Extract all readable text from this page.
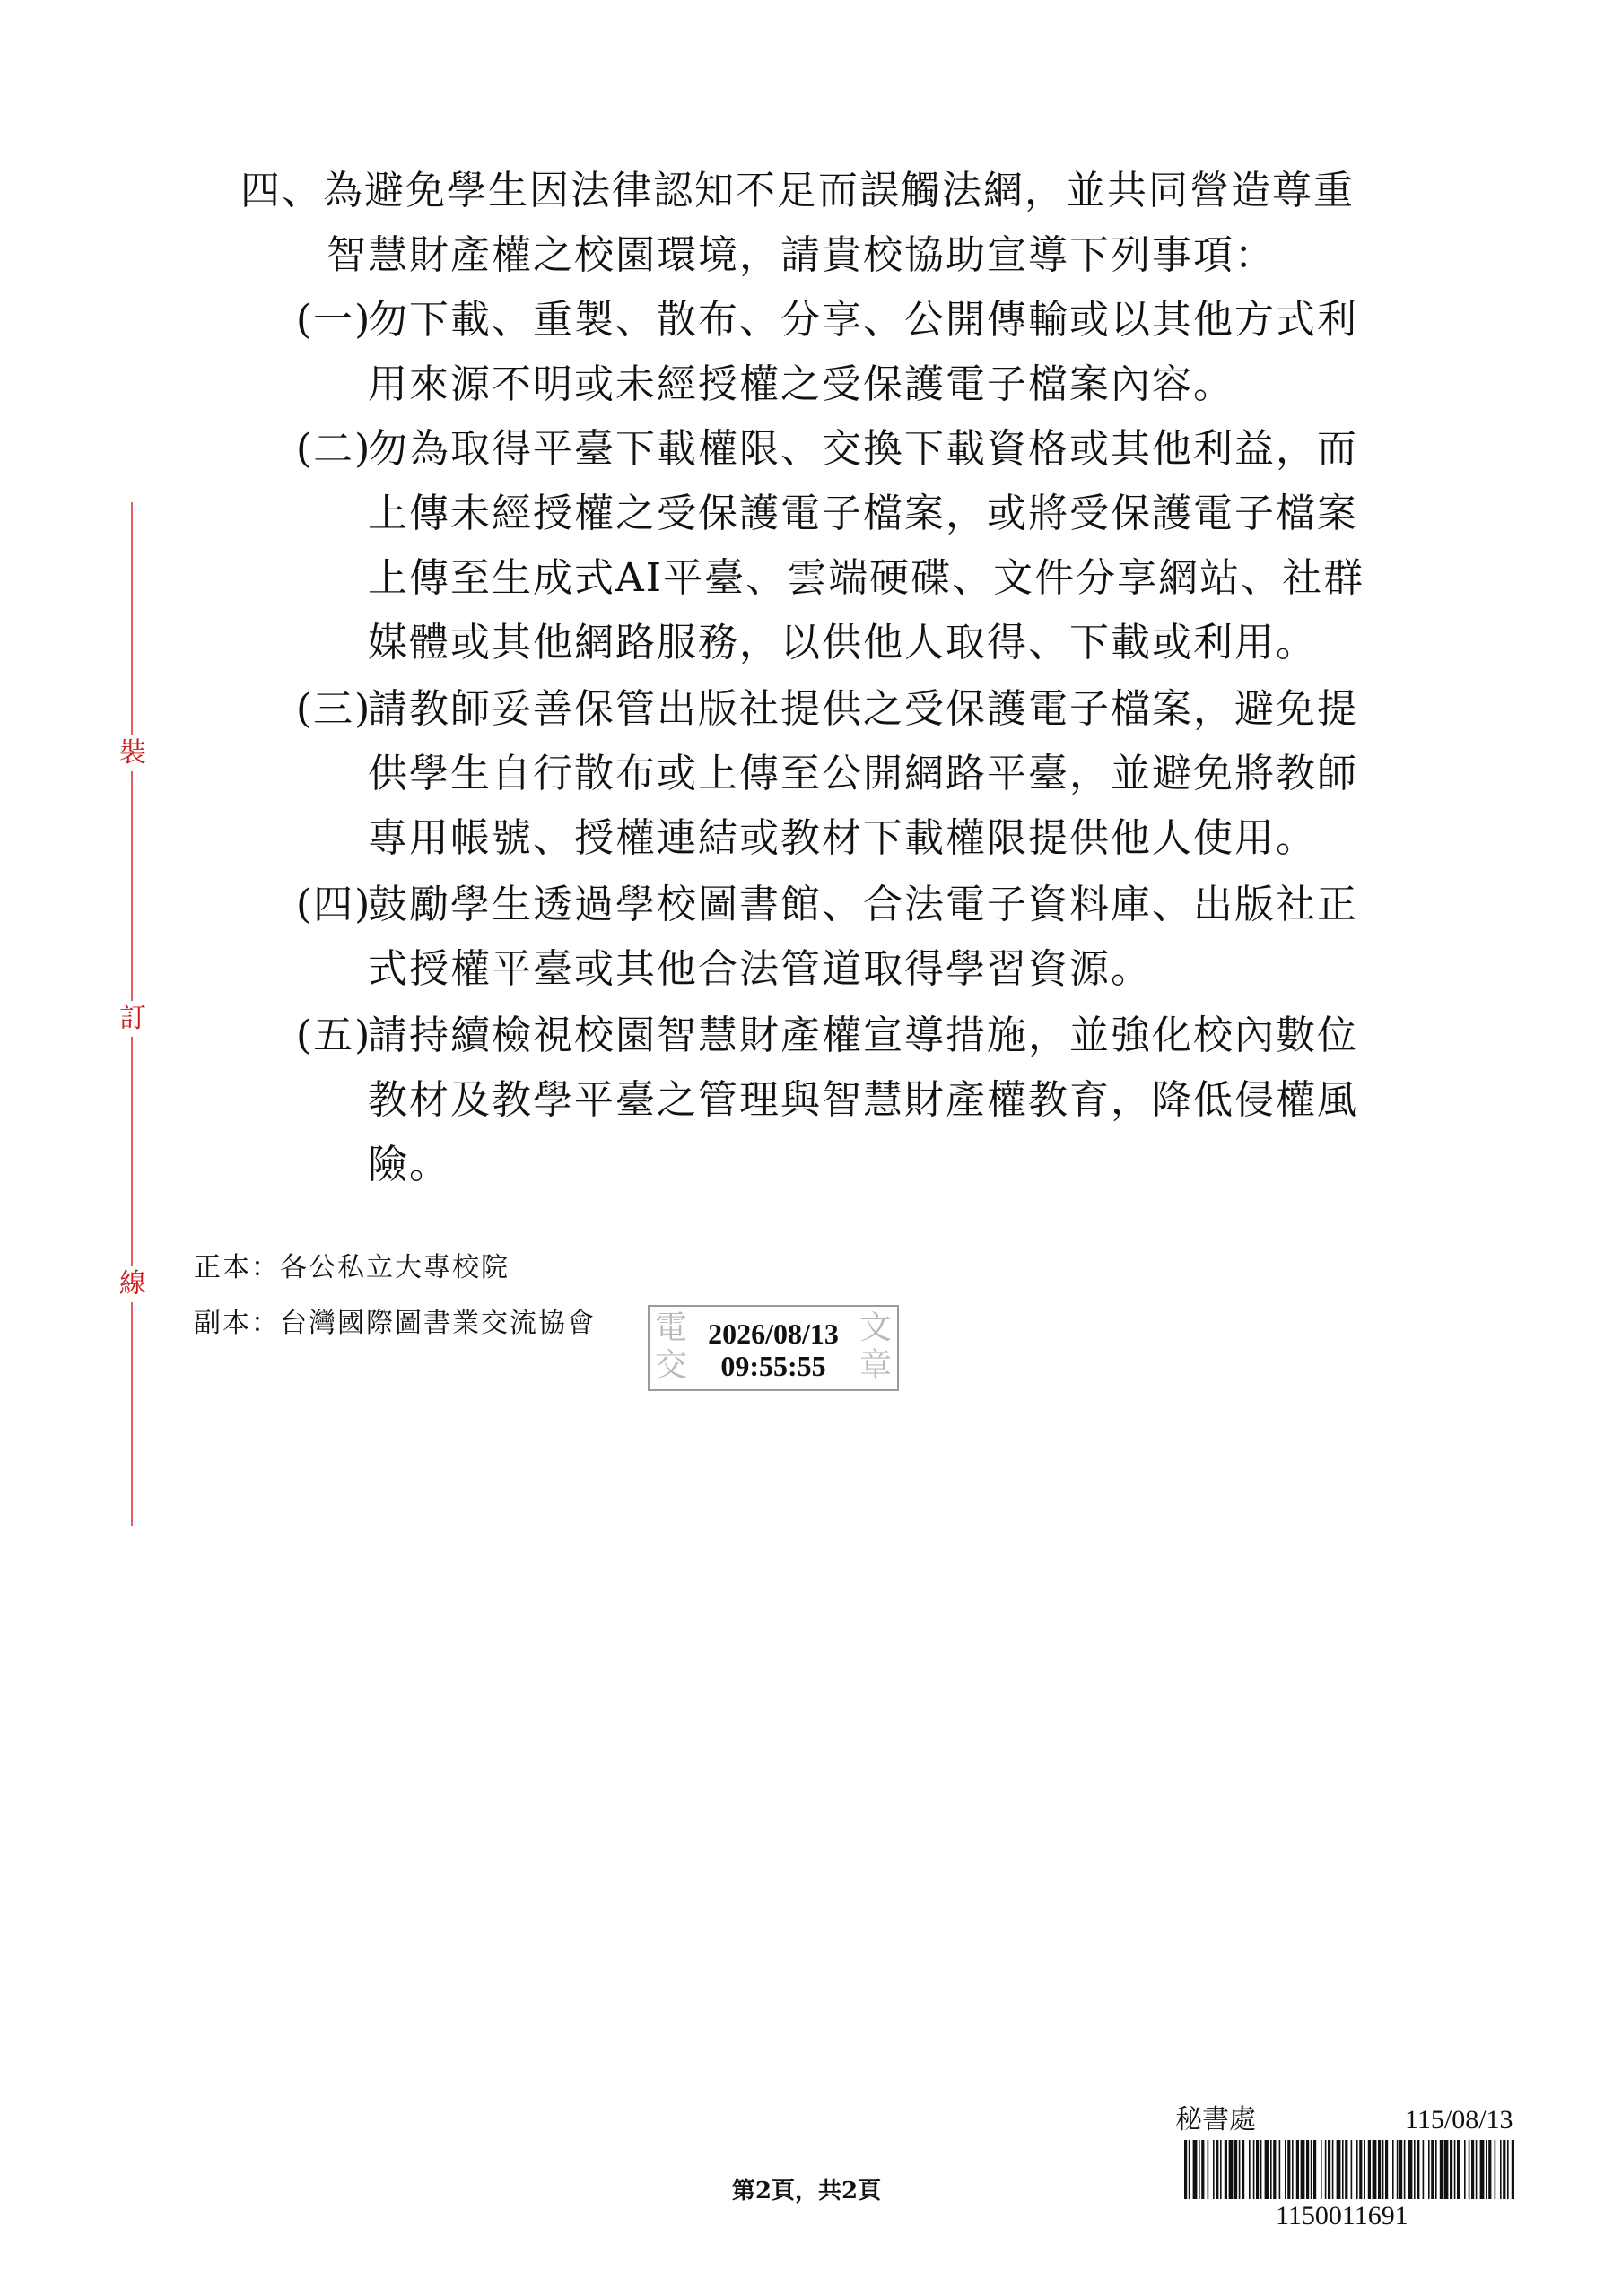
裝
訂
線
四、為避免學生因法律認知不足而誤觸法網，並共同營造尊重
智慧財產權之校園環境，請貴校協助宣導下列事項：
(一)
勿下載、重製、散布、分享、公開傳輸或以其他方式利
用來源不明或未經授權之受保護電子檔案內容。
(二)
勿為取得平臺下載權限、交換下載資格或其他利益，而
上傳未經授權之受保護電子檔案，或將受保護電子檔案
上傳至生成式AI平臺、雲端硬碟、文件分享網站、社群
媒體或其他網路服務，以供他人取得、下載或利用。
(三)
請教師妥善保管出版社提供之受保護電子檔案，避免提
供學生自行散布或上傳至公開網路平臺，並避免將教師
專用帳號、授權連結或教材下載權限提供他人使用。
(四)
鼓勵學生透過學校圖書館、合法電子資料庫、出版社正
式授權平臺或其他合法管道取得學習資源。
(五)
請持續檢視校園智慧財產權宣導措施，並強化校內數位
教材及教學平臺之管理與智慧財產權教育，降低侵權風
險。
正本：各公私立大專校院
副本：台灣國際圖書業交流協會 電	文
交	章
2026/08/13
09:55:55
第2頁，共2頁
秘書處	115/08/13
1150011691
